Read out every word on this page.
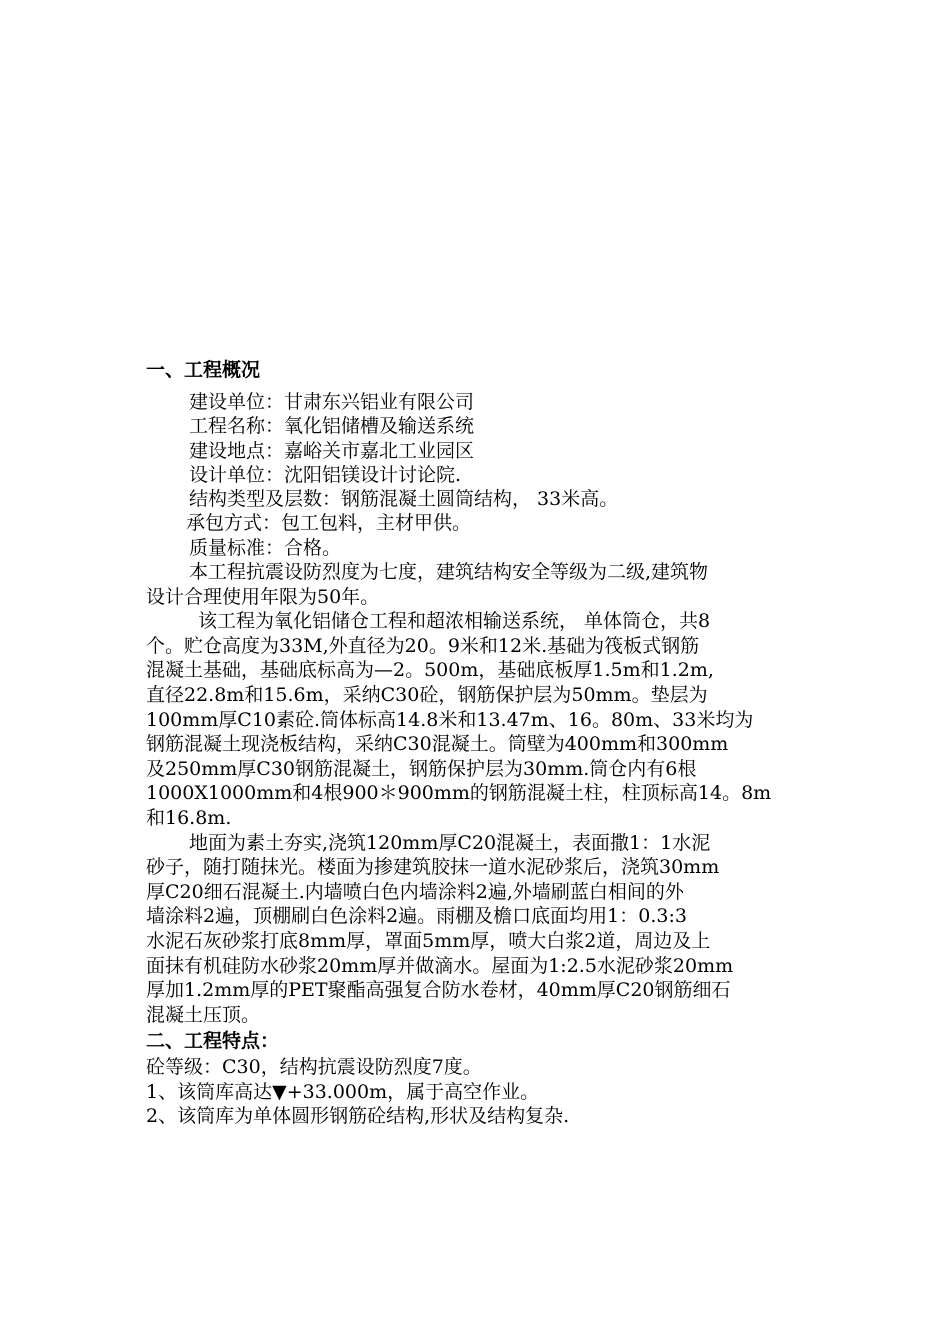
一、工程概况
建设单位：甘肃东兴铝业有限公司
工程名称：氧化铝储槽及输送系统
建设地点：嘉峪关市嘉北工业园区
设计单位：沈阳铝镁设计讨论院.
结构类型及层数：钢筋混凝土圆筒结构， 33米高。
承包方式：包工包料，主材甲供。
质量标准：合格。
本工程抗震设防烈度为七度，建筑结构安全等级为二级,建筑物
设计合理使用年限为50年。
该工程为氧化铝储仓工程和超浓相输送系统， 单体筒仓，共8
个。贮仓高度为33M,外直径为20。9米和12米.基础为筏板式钢筋
混凝土基础，基础底标高为—2。500m，基础底板厚1.5m和1.2m,
直径22.8m和15.6m，采纳C30砼，钢筋保护层为50mm。垫层为
100mm厚C10素砼.筒体标高14.8米和13.47m、16。80m、33米均为
钢筋混凝土现浇板结构，采纳C30混凝土。筒壁为400mm和300mm
及250mm厚C30钢筋混凝土，钢筋保护层为30mm.筒仓内有6根
1000X1000mm和4根900＊900mm的钢筋混凝土柱，柱顶标高14。8m
和16.8m.
地面为素土夯实,浇筑120mm厚C20混凝土，表面撒1：1水泥
砂子，随打随抹光。楼面为掺建筑胶抹一道水泥砂浆后，浇筑30mm
厚C20细石混凝土.内墙喷白色内墙涂料2遍,外墙刷蓝白相间的外
墙涂料2遍，顶棚刷白色涂料2遍。雨棚及檐口底面均用1：0.3:3
水泥石灰砂浆打底8mm厚，罩面5mm厚，喷大白浆2道，周边及上
面抹有机硅防水砂浆20mm厚并做滴水。屋面为1:2.5水泥砂浆20mm
厚加1.2mm厚的PET聚酯高强复合防水卷材，40mm厚C20钢筋细石
混凝土压顶。
二、工程特点：
砼等级：C30，结构抗震设防烈度7度。
1、该筒库高达▼+33.000m，属于高空作业。
2、该筒库为单体圆形钢筋砼结构,形状及结构复杂.
